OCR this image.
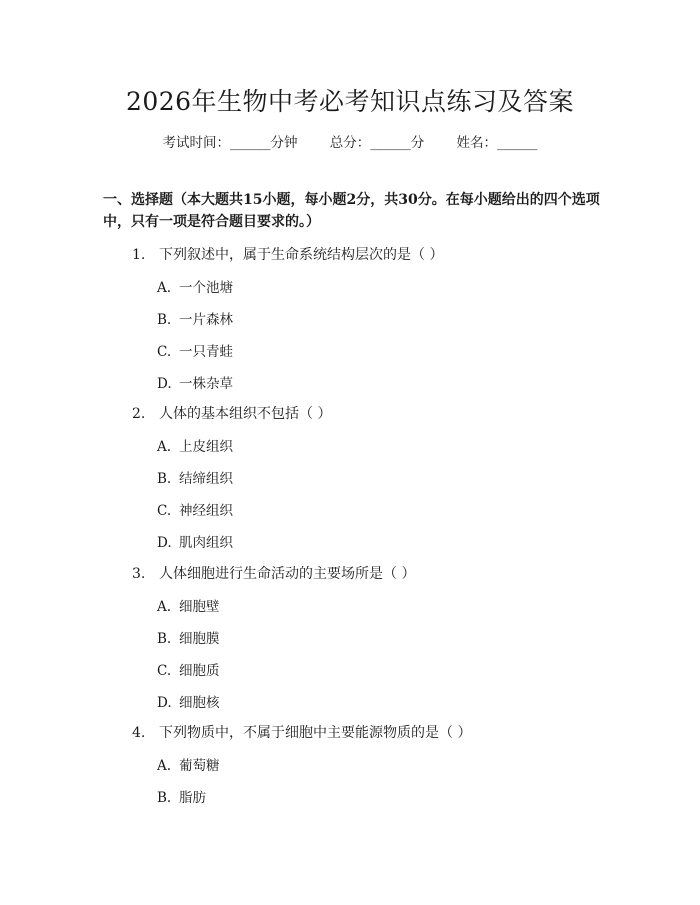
2026年生物中考必考知识点练习及答案
考试时间：______分钟 总分：______分 姓名：______
一、选择题（本大题共15小题，每小题2分，共30分。在每小题给出的四个选项中，只有一项是符合题目要求的。）
1. 下列叙述中，属于生命系统结构层次的是（ ）
A. 一个池塘
B. 一片森林
C. 一只青蛙
D. 一株杂草
2. 人体的基本组织不包括（ ）
A. 上皮组织
B. 结缔组织
C. 神经组织
D. 肌肉组织
3. 人体细胞进行生命活动的主要场所是（ ）
A. 细胞壁
B. 细胞膜
C. 细胞质
D. 细胞核
4. 下列物质中，不属于细胞中主要能源物质的是（ ）
A. 葡萄糖
B. 脂肪
